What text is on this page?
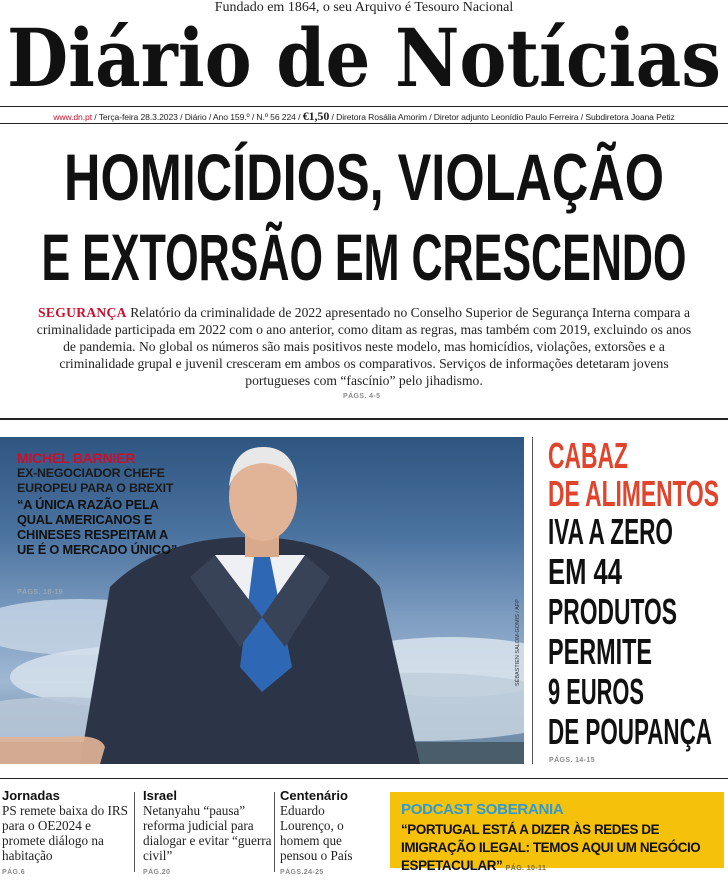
Fundado em 1864, o seu Arquivo é Tesouro Nacional
Diário de Notícias
www.dn.pt / Terça-feira 28.3.2023 / Diário / Ano 159.º / N.º 56 224 / €1,50 / Diretora Rosália Amorim / Diretor adjunto Leonídio Paulo Ferreira / Subdiretora Joana Petiz
HOMICÍDIOS, VIOLAÇÃO
E EXTORSÃO EM CRESCENDO
SEGURANÇA Relatório da criminalidade de 2022 apresentado no Conselho Superior de Segurança Interna compara a criminalidade participada em 2022 com o ano anterior, como ditam as regras, mas também com 2019, excluindo os anos de pandemia. No global os números são mais positivos neste modelo, mas homicídios, violações, extorsões e a criminalidade grupal e juvenil cresceram em ambos os comparativos. Serviços de informações detetaram jovens portugueses com “fascínio” pelo jihadismo.
PÁGS. 4-5
MICHEL BARNIER
EX-NEGOCIADOR CHEFE EUROPEU PARA O BREXIT
“A ÚNICA RAZÃO PELA QUAL AMERICANOS E CHINESES RESPEITAM A UE É O MERCADO ÚNICO”
PÁGS. 18-19
SÉBASTIEN SALOM-GOMIS / AFP
CABAZ
DE ALIMENTOS
IVA A ZERO
EM 44
PRODUTOS
PERMITE
9 EUROS
DE POUPANÇA
PÁGS. 14-15
Jornadas
PS remete baixa do IRS para o OE2024 e promete diálogo na habitação
PÁG.6
Israel
Netanyahu “pausa” reforma judicial para dialogar e evitar “guerra civil”
PÁG.20
Centenário
Eduardo Lourenço, o homem que pensou o País
PÁGS.24-25
PODCAST SOBERANIA
“PORTUGAL ESTÁ A DIZER ÀS REDES DE IMIGRAÇÃO ILEGAL: TEMOS AQUI UM NEGÓCIO ESPETACULAR” PÁG. 10-11
